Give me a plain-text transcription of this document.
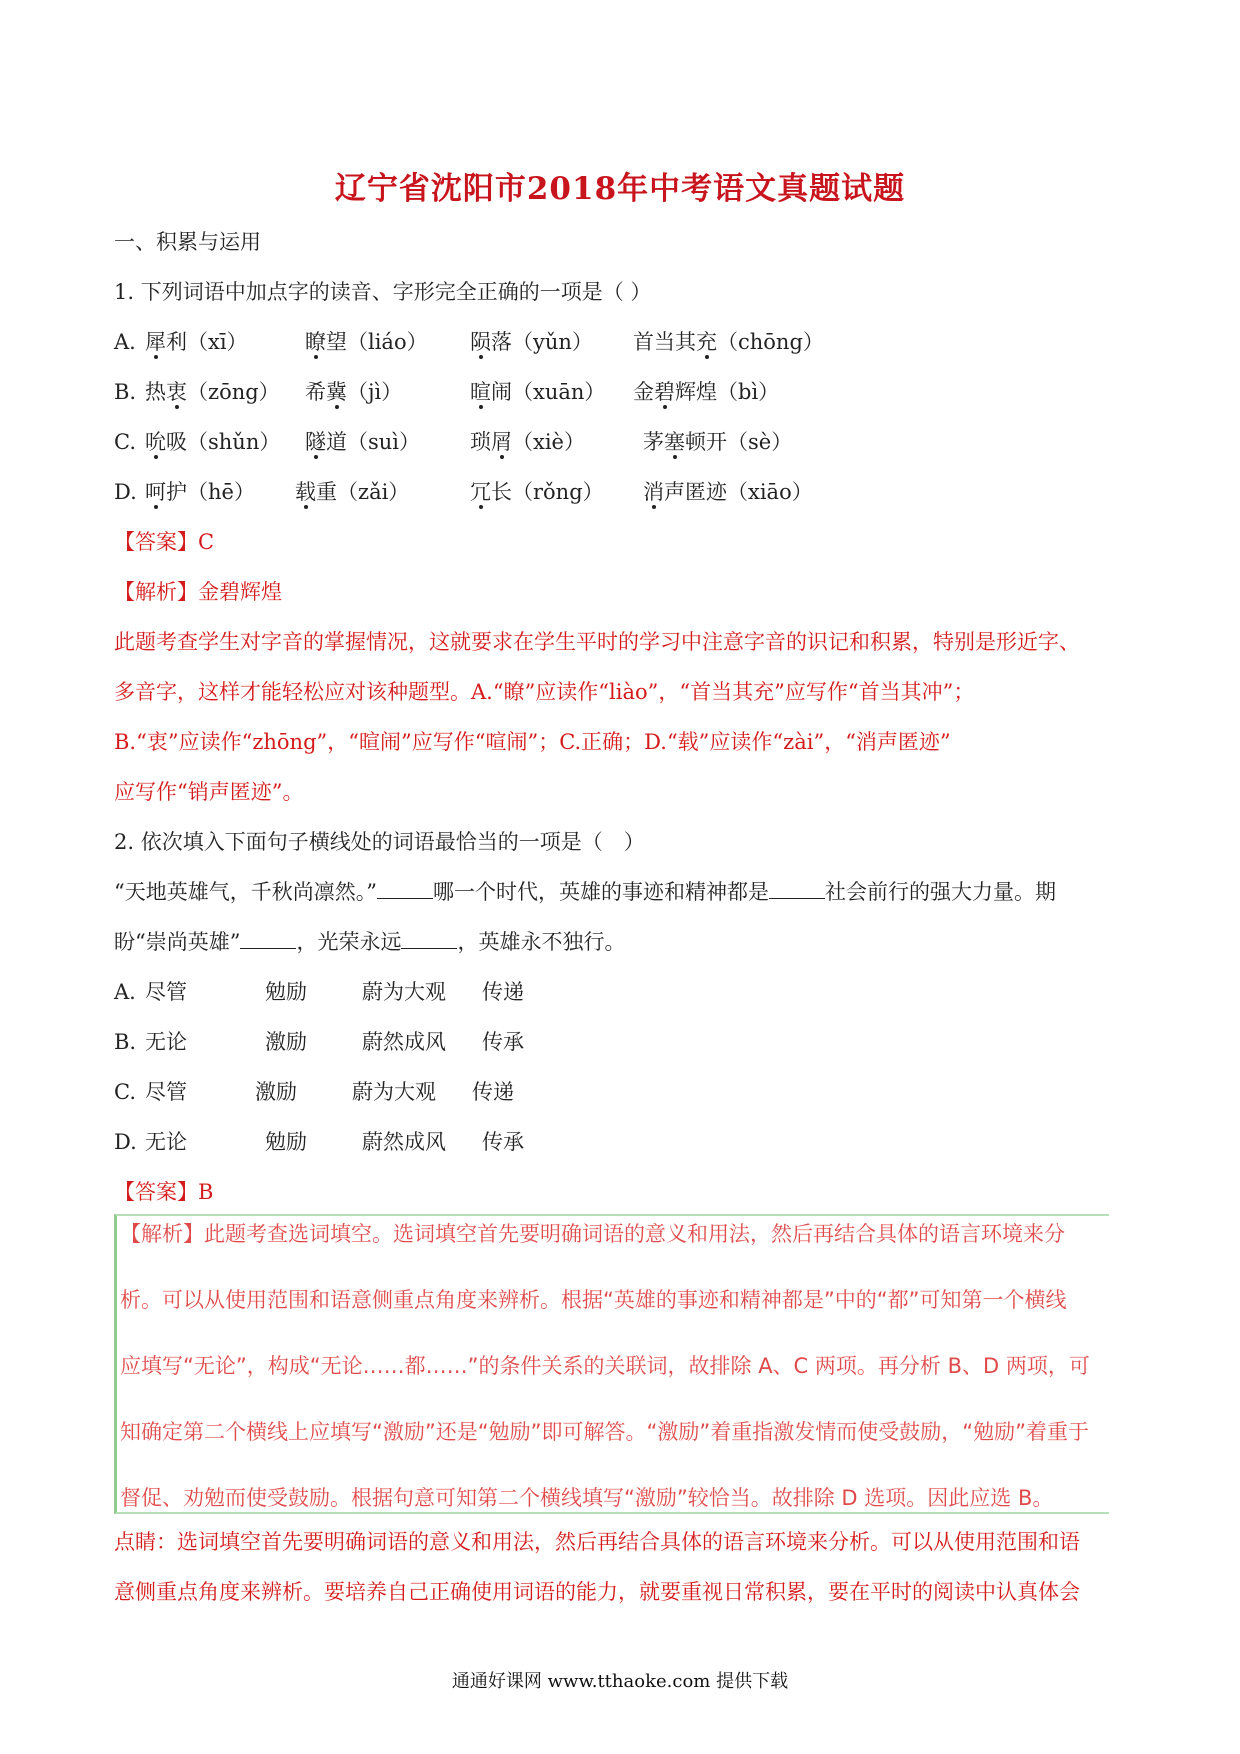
辽宁省沈阳市2018年中考语文真题试题
一、积累与运用
1. 下列词语中加点字的读音、字形完全正确的一项是（ ）
A. 犀利（xī）	瞭望（liáo） 陨落（yǔn） 首当其充（chōng）
B. 热衷（zōng） 希冀（jì）	暄闹（xuān） 金碧辉煌（bì）
C. 吮吸（shǔn） 隧道（suì） 琐屑（xiè）	茅塞顿开（sè）
D. 呵护（hē） 载重（zǎi）	冗长（rǒng） 消声匿迹（xiāo）
【答案】C
【解析】金碧辉煌
此题考查学生对字音的掌握情况，这就要求在学生平时的学习中注意字音的识记和积累，特别是形近字、
多音字，这样才能轻松应对该种题型。A.“瞭”应读作“liào”，“首当其充”应写作“首当其冲”；
B.“衷”应读作“zhōng”，“暄闹”应写作“喧闹”；C.正确；D.“载”应读作“zài”，“消声匿迹”
应写作“销声匿迹”。
2. 依次填入下面句子横线处的词语最恰当的一项是（　）
“天地英雄气，千秋尚凛然。”	哪一个时代，英雄的事迹和精神都是	社会前行的强大力量。期
盼“崇尚英雄”	，光荣永远	，英雄永不独行。
A. 尽管	勉励	蔚为大观 传递
B. 无论	激励	蔚然成风 传承
C. 尽管	激励	蔚为大观 传递
D. 无论	勉励	蔚然成风 传承
【答案】B
【解析】此题考查选词填空。选词填空首先要明确词语的意义和用法，然后再结合具体的语言环境来分
析。可以从使用范围和语意侧重点角度来辨析。根据“英雄的事迹和精神都是”中的“都”可知第一个横线
应填写“无论”，构成“无论……都……”的条件关系的关联词，故排除 A、C 两项。再分析 B、D 两项，可
知确定第二个横线上应填写“激励”还是“勉励”即可解答。“激励”着重指激发情而使受鼓励，“勉励”着重于
督促、劝勉而使受鼓励。根据句意可知第二个横线填写“激励”较恰当。故排除 D 选项。因此应选 B。
点睛：选词填空首先要明确词语的意义和用法，然后再结合具体的语言环境来分析。可以从使用范围和语
意侧重点角度来辨析。要培养自己正确使用词语的能力，就要重视日常积累，要在平时的阅读中认真体会
通通好课网 www.tthaoke.com 提供下载
